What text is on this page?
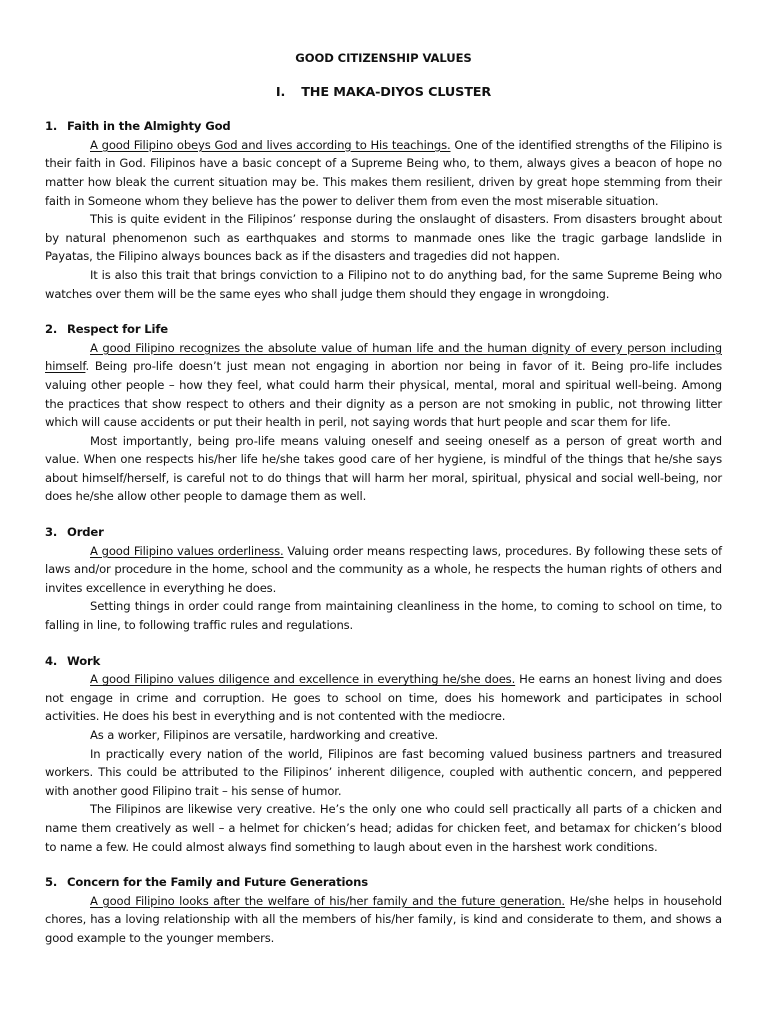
GOOD CITIZENSHIP VALUES
I. THE MAKA-DIYOS CLUSTER
1. Faith in the Almighty God

A good Filipino obeys God and lives according to His teachings. One of the identified strengths of the Filipino is their faith in God. Filipinos have a basic concept of a Supreme Being who, to them, always gives a beacon of hope no matter how bleak the current situation may be. This makes them resilient, driven by great hope stemming from their faith in Someone whom they believe has the power to deliver them from even the most miserable situation.

This is quite evident in the Filipinos’ response during the onslaught of disasters. From disasters brought about by natural phenomenon such as earthquakes and storms to manmade ones like the tragic garbage landslide in Payatas, the Filipino always bounces back as if the disasters and tragedies did not happen.

It is also this trait that brings conviction to a Filipino not to do anything bad, for the same Supreme Being who watches over them will be the same eyes who shall judge them should they engage in wrongdoing.

2. Respect for Life

A good Filipino recognizes the absolute value of human life and the human dignity of every person including himself. Being pro-life doesn’t just mean not engaging in abortion nor being in favor of it. Being pro-life includes valuing other people – how they feel, what could harm their physical, mental, moral and spiritual well-being. Among the practices that show respect to others and their dignity as a person are not smoking in public, not throwing litter which will cause accidents or put their health in peril, not saying words that hurt people and scar them for life.

Most importantly, being pro-life means valuing oneself and seeing oneself as a person of great worth and value. When one respects his/her life he/she takes good care of her hygiene, is mindful of the things that he/she says about himself/herself, is careful not to do things that will harm her moral, spiritual, physical and social well-being, nor does he/she allow other people to damage them as well.

3. Order

A good Filipino values orderliness. Valuing order means respecting laws, procedures. By following these sets of laws and/or procedure in the home, school and the community as a whole, he respects the human rights of others and invites excellence in everything he does.

Setting things in order could range from maintaining cleanliness in the home, to coming to school on time, to falling in line, to following traffic rules and regulations.

4. Work

A good Filipino values diligence and excellence in everything he/she does. He earns an honest living and does not engage in crime and corruption. He goes to school on time, does his homework and participates in school activities. He does his best in everything and is not contented with the mediocre.

As a worker, Filipinos are versatile, hardworking and creative.

In practically every nation of the world, Filipinos are fast becoming valued business partners and treasured workers. This could be attributed to the Filipinos’ inherent diligence, coupled with authentic concern, and peppered with another good Filipino trait – his sense of humor.

The Filipinos are likewise very creative. He’s the only one who could sell practically all parts of a chicken and name them creatively as well – a helmet for chicken’s head; adidas for chicken feet, and betamax for chicken’s blood to name a few. He could almost always find something to laugh about even in the harshest work conditions.

5. Concern for the Family and Future Generations

A good Filipino looks after the welfare of his/her family and the future generation. He/she helps in household chores, has a loving relationship with all the members of his/her family, is kind and considerate to them, and shows a good example to the younger members.
